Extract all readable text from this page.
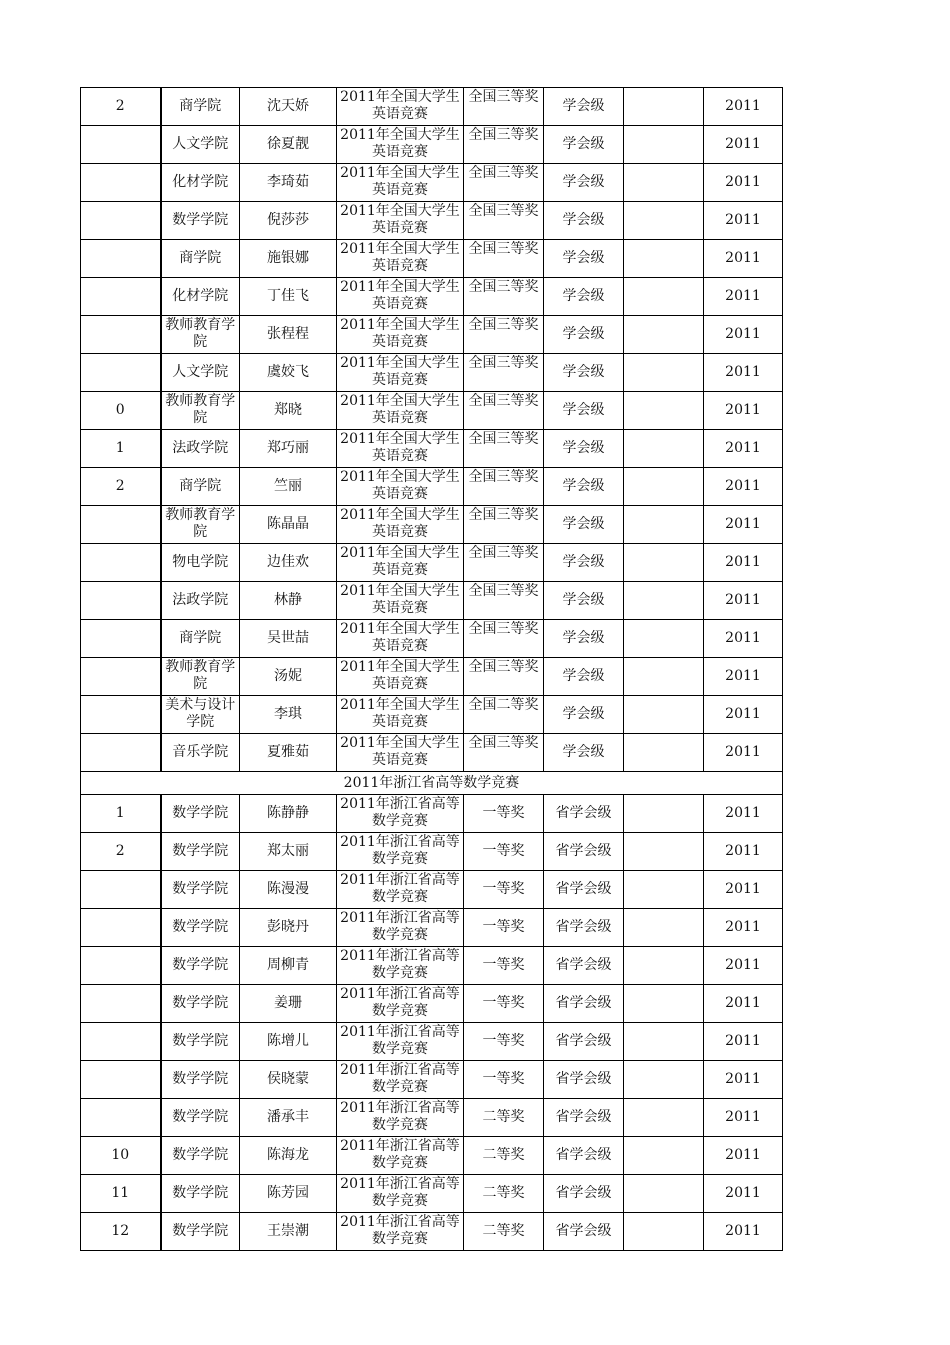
2	商学院	沈天娇	2011年全国大学生英语竞赛	全国三等奖	学会级		2011
	人文学院	徐夏靓	2011年全国大学生英语竞赛	全国三等奖	学会级		2011
	化材学院	李琦茹	2011年全国大学生英语竞赛	全国三等奖	学会级		2011
	数学学院	倪莎莎	2011年全国大学生英语竞赛	全国三等奖	学会级		2011
	商学院	施银娜	2011年全国大学生英语竞赛	全国三等奖	学会级		2011
	化材学院	丁佳飞	2011年全国大学生英语竞赛	全国三等奖	学会级		2011

	教师教育学院	张程程	2011年全国大学生英语竞赛	全国三等奖	学会级		2011
	人文学院	虞姣飞	2011年全国大学生英语竞赛	全国三等奖	学会级		2011
0	教师教育学院	郑晓	2011年全国大学生英语竞赛	全国三等奖	学会级		2011
1	法政学院	郑巧丽	2011年全国大学生英语竞赛	全国三等奖	学会级		2011
2	商学院	竺丽	2011年全国大学生英语竞赛	全国三等奖	学会级		2011

	教师教育学院	陈晶晶	2011年全国大学生英语竞赛	全国三等奖	学会级		2011
	物电学院	边佳欢	2011年全国大学生英语竞赛	全国三等奖	学会级		2011
	法政学院	林静	2011年全国大学生英语竞赛	全国三等奖	学会级		2011
	商学院	吴世喆	2011年全国大学生英语竞赛	全国三等奖	学会级		2011

	教师教育学院	汤妮	2011年全国大学生英语竞赛	全国三等奖	学会级		2011

	美术与设计学院	李琪	2011年全国大学生英语竞赛	全国二等奖	学会级		2011
	音乐学院	夏雅茹	2011年全国大学生英语竞赛	全国三等奖	学会级		2011
2011年浙江省高等数学竞赛							
1	数学学院	陈静静	2011年浙江省高等数学竞赛	一等奖	省学会级		2011
2	数学学院	郑太丽	2011年浙江省高等数学竞赛	一等奖	省学会级		2011
	数学学院	陈漫漫	2011年浙江省高等数学竞赛	一等奖	省学会级		2011
	数学学院	彭晓丹	2011年浙江省高等数学竞赛	一等奖	省学会级		2011
	数学学院	周柳青	2011年浙江省高等数学竞赛	一等奖	省学会级		2011
	数学学院	姜珊	2011年浙江省高等数学竞赛	一等奖	省学会级		2011
	数学学院	陈增儿	2011年浙江省高等数学竞赛	一等奖	省学会级		2011
	数学学院	侯晓蒙	2011年浙江省高等数学竞赛	一等奖	省学会级		2011
	数学学院	潘承丰	2011年浙江省高等数学竞赛	二等奖	省学会级		2011
10	数学学院	陈海龙	2011年浙江省高等数学竞赛	二等奖	省学会级		2011
11	数学学院	陈芳园	2011年浙江省高等数学竞赛	二等奖	省学会级		2011
12	数学学院	王崇潮	2011年浙江省高等数学竞赛	二等奖	省学会级		2011
